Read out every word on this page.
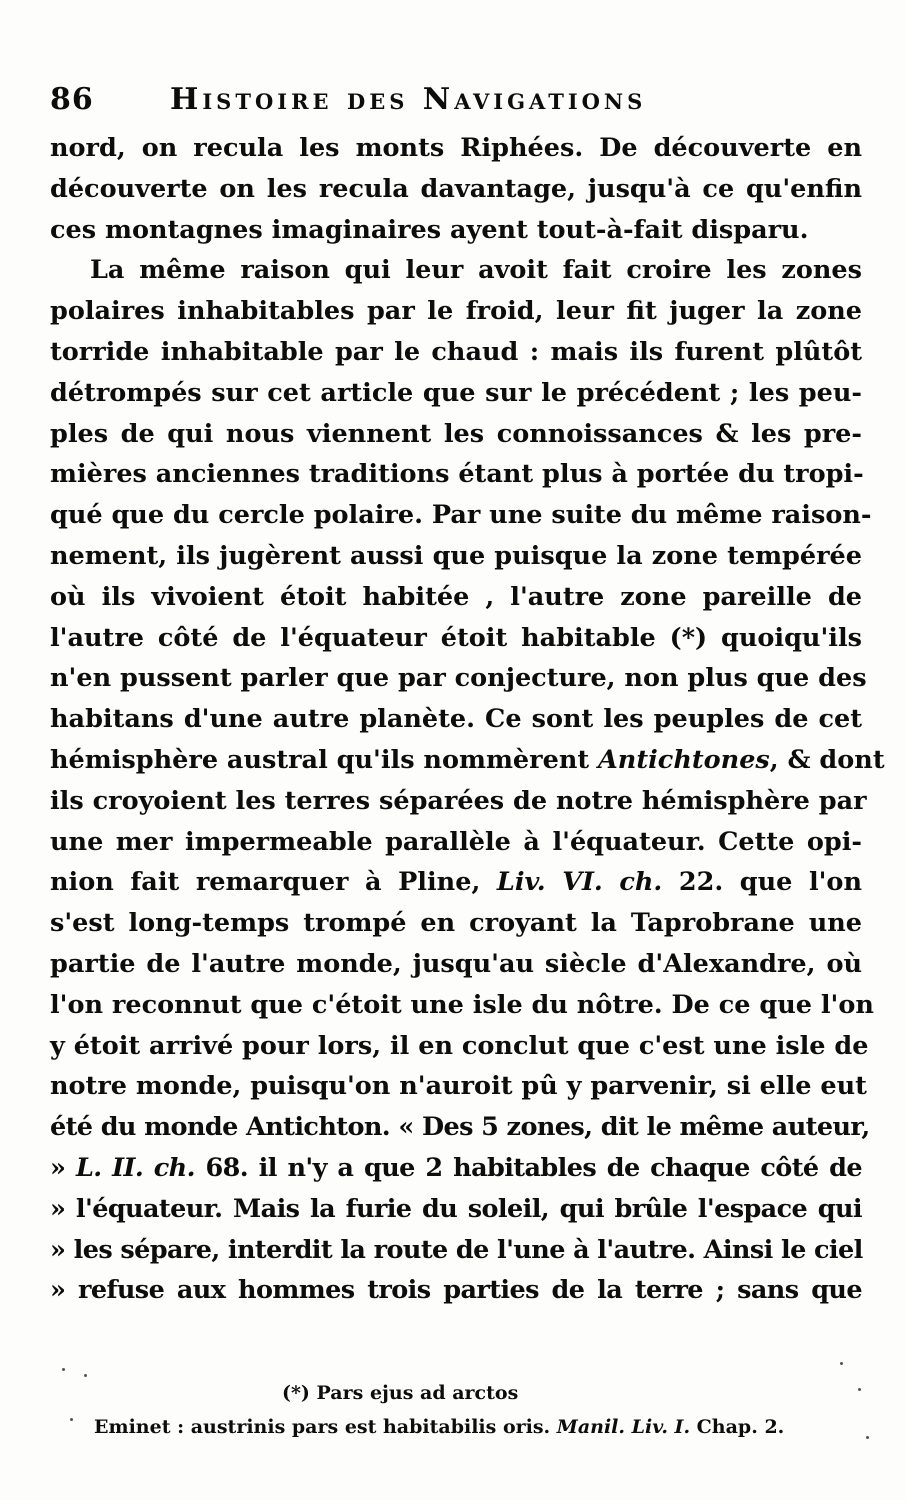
86	Histoire des Navigations
nord, on recula les monts Riphées. De découverte en
découverte on les recula davantage, jusqu'à ce qu'enfin
ces montagnes imaginaires ayent tout-à-fait disparu.
La même raison qui leur avoit fait croire les zones
polaires inhabitables par le froid, leur fit juger la zone
torride inhabitable par le chaud : mais ils furent plûtôt
détrompés sur cet article que sur le précédent ; les peu-
ples de qui nous viennent les connoissances & les pre-
mières anciennes traditions étant plus à portée du tropi-
qué que du cercle polaire. Par une suite du même raison-
nement, ils jugèrent aussi que puisque la zone tempérée
où ils vivoient étoit habitée , l'autre zone pareille de
l'autre côté de l'équateur étoit habitable (*) quoiqu'ils
n'en pussent parler que par conjecture, non plus que des
habitans d'une autre planète. Ce sont les peuples de cet
hémisphère austral qu'ils nommèrent Antichtones, & dont
ils croyoient les terres séparées de notre hémisphère par
une mer impermeable parallèle à l'équateur. Cette opi-
nion fait remarquer à Pline, Liv. VI. ch. 22. que l'on
s'est long-temps trompé en croyant la Taprobrane une
partie de l'autre monde, jusqu'au siècle d'Alexandre, où
l'on reconnut que c'étoit une isle du nôtre. De ce que l'on
y étoit arrivé pour lors, il en conclut que c'est une isle de
notre monde, puisqu'on n'auroit pû y parvenir, si elle eut
été du monde Antichton. « Des 5 zones, dit le même auteur,
» L. II. ch. 68. il n'y a que 2 habitables de chaque côté de
» l'équateur. Mais la furie du soleil, qui brûle l'espace qui
» les sépare, interdit la route de l'une à l'autre. Ainsi le ciel
» refuse aux hommes trois parties de la terre ; sans que
(*) Pars ejus ad arctos
Eminet : austrinis pars est habitabilis oris. Manil. Liv. I. Chap. 2.
